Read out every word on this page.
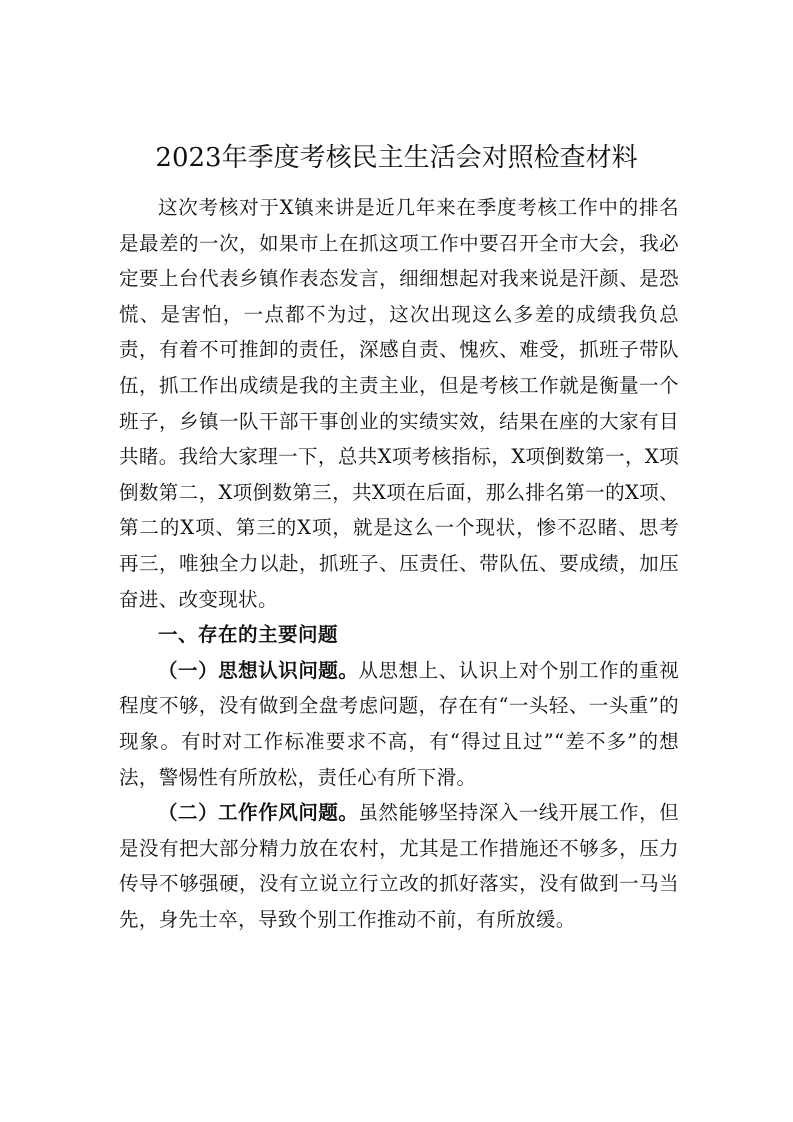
2023年季度考核民主生活会对照检查材料

这次考核对于X镇来讲是近几年来在季度考核工作中的排名是最差的一次，如果市上在抓这项工作中要召开全市大会，我必定要上台代表乡镇作表态发言，细细想起对我来说是汗颜、是恐慌、是害怕，一点都不为过，这次出现这么多差的成绩我负总责，有着不可推卸的责任，深感自责、愧疚、难受，抓班子带队伍，抓工作出成绩是我的主责主业，但是考核工作就是衡量一个班子，乡镇一队干部干事创业的实绩实效，结果在座的大家有目共睹。我给大家理一下，总共X项考核指标，X项倒数第一，X项倒数第二，X项倒数第三，共X项在后面，那么排名第一的X项、第二的X项、第三的X项，就是这么一个现状，惨不忍睹、思考再三，唯独全力以赴，抓班子、压责任、带队伍、要成绩，加压奋进、改变现状。

一、存在的主要问题

（一）思想认识问题。从思想上、认识上对个别工作的重视程度不够，没有做到全盘考虑问题，存在有“一头轻、一头重”的现象。有时对工作标准要求不高，有“得过且过”“差不多”的想法，警惕性有所放松，责任心有所下滑。

（二）工作作风问题。虽然能够坚持深入一线开展工作，但是没有把大部分精力放在农村，尤其是工作措施还不够多，压力传导不够强硬，没有立说立行立改的抓好落实，没有做到一马当先，身先士卒，导致个别工作推动不前，有所放缓。
